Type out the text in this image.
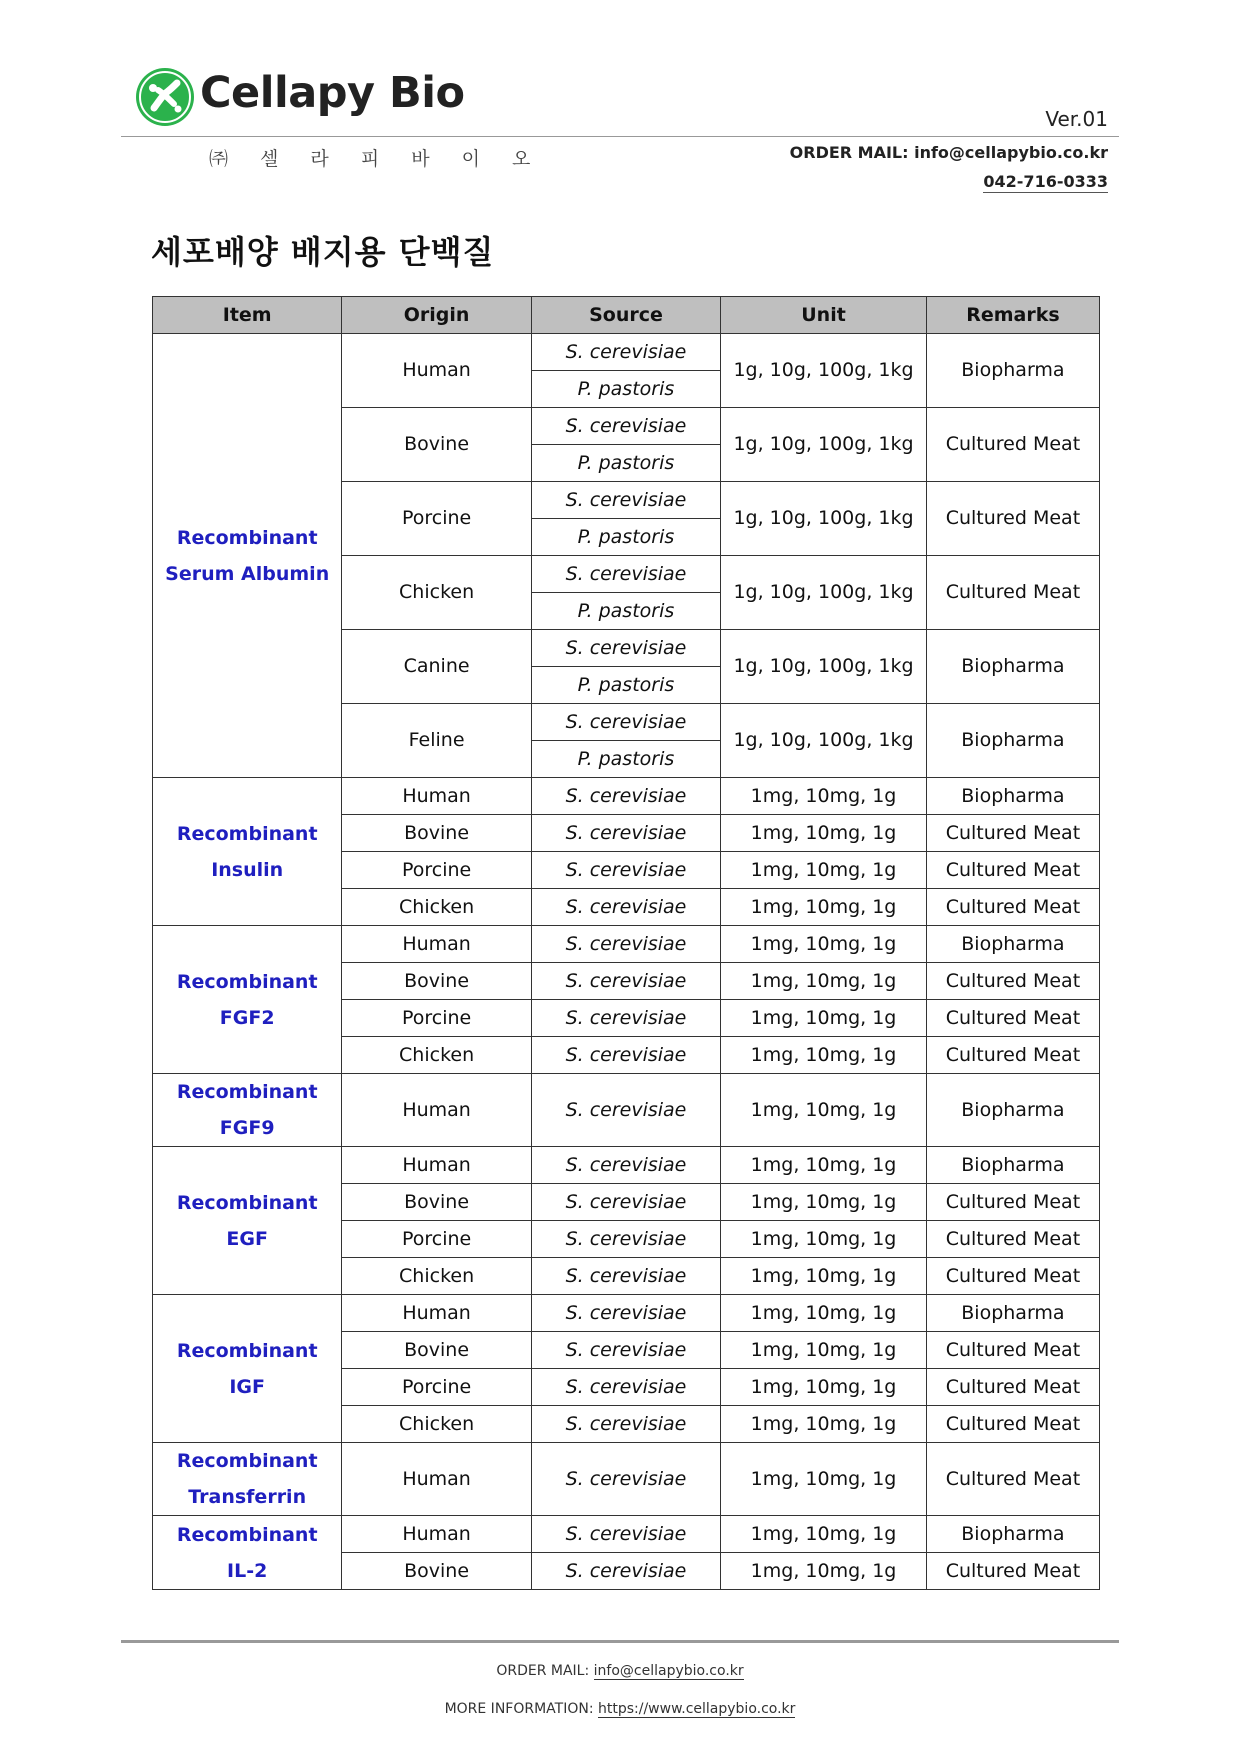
Cellapy Bio
Ver.01
㈜ 셀 라 피 바 이 오	ORDER MAIL: info@cellapybio.co.kr
042-716-0333
세포배양 배지용 단백질
Item	Origin	Source	Unit	Remarks

Recombinant
Serum Albumin	Human	S. cerevisiae	1g, 10g, 100g, 1kg	Biopharma
		P. pastoris		
	Bovine	S. cerevisiae	1g, 10g, 100g, 1kg	Cultured Meat
		P. pastoris		
	Porcine	S. cerevisiae	1g, 10g, 100g, 1kg	Cultured Meat
		P. pastoris		
	Chicken	S. cerevisiae	1g, 10g, 100g, 1kg	Cultured Meat
		P. pastoris		
	Canine	S. cerevisiae	1g, 10g, 100g, 1kg	Biopharma
		P. pastoris		
	Feline	S. cerevisiae	1g, 10g, 100g, 1kg	Biopharma
		P. pastoris		

Recombinant
Insulin	Human	S. cerevisiae	1mg, 10mg, 1g	Biopharma
	Bovine	S. cerevisiae	1mg, 10mg, 1g	Cultured Meat
	Porcine	S. cerevisiae	1mg, 10mg, 1g	Cultured Meat
	Chicken	S. cerevisiae	1mg, 10mg, 1g	Cultured Meat

Recombinant
FGF2	Human	S. cerevisiae	1mg, 10mg, 1g	Biopharma
	Bovine	S. cerevisiae	1mg, 10mg, 1g	Cultured Meat
	Porcine	S. cerevisiae	1mg, 10mg, 1g	Cultured Meat
	Chicken	S. cerevisiae	1mg, 10mg, 1g	Cultured Meat

Recombinant
FGF9	Human	S. cerevisiae	1mg, 10mg, 1g	Biopharma

Recombinant
EGF	Human	S. cerevisiae	1mg, 10mg, 1g	Biopharma
	Bovine	S. cerevisiae	1mg, 10mg, 1g	Cultured Meat
	Porcine	S. cerevisiae	1mg, 10mg, 1g	Cultured Meat
	Chicken	S. cerevisiae	1mg, 10mg, 1g	Cultured Meat

Recombinant
IGF	Human	S. cerevisiae	1mg, 10mg, 1g	Biopharma
	Bovine	S. cerevisiae	1mg, 10mg, 1g	Cultured Meat
	Porcine	S. cerevisiae	1mg, 10mg, 1g	Cultured Meat
	Chicken	S. cerevisiae	1mg, 10mg, 1g	Cultured Meat

Recombinant
Transferrin	Human	S. cerevisiae	1mg, 10mg, 1g	Cultured Meat

Recombinant
IL-2	Human	S. cerevisiae	1mg, 10mg, 1g	Biopharma
	Bovine	S. cerevisiae	1mg, 10mg, 1g	Cultured Meat
ORDER MAIL: info@cellapybio.co.kr
MORE INFORMATION: https://www.cellapybio.co.kr
